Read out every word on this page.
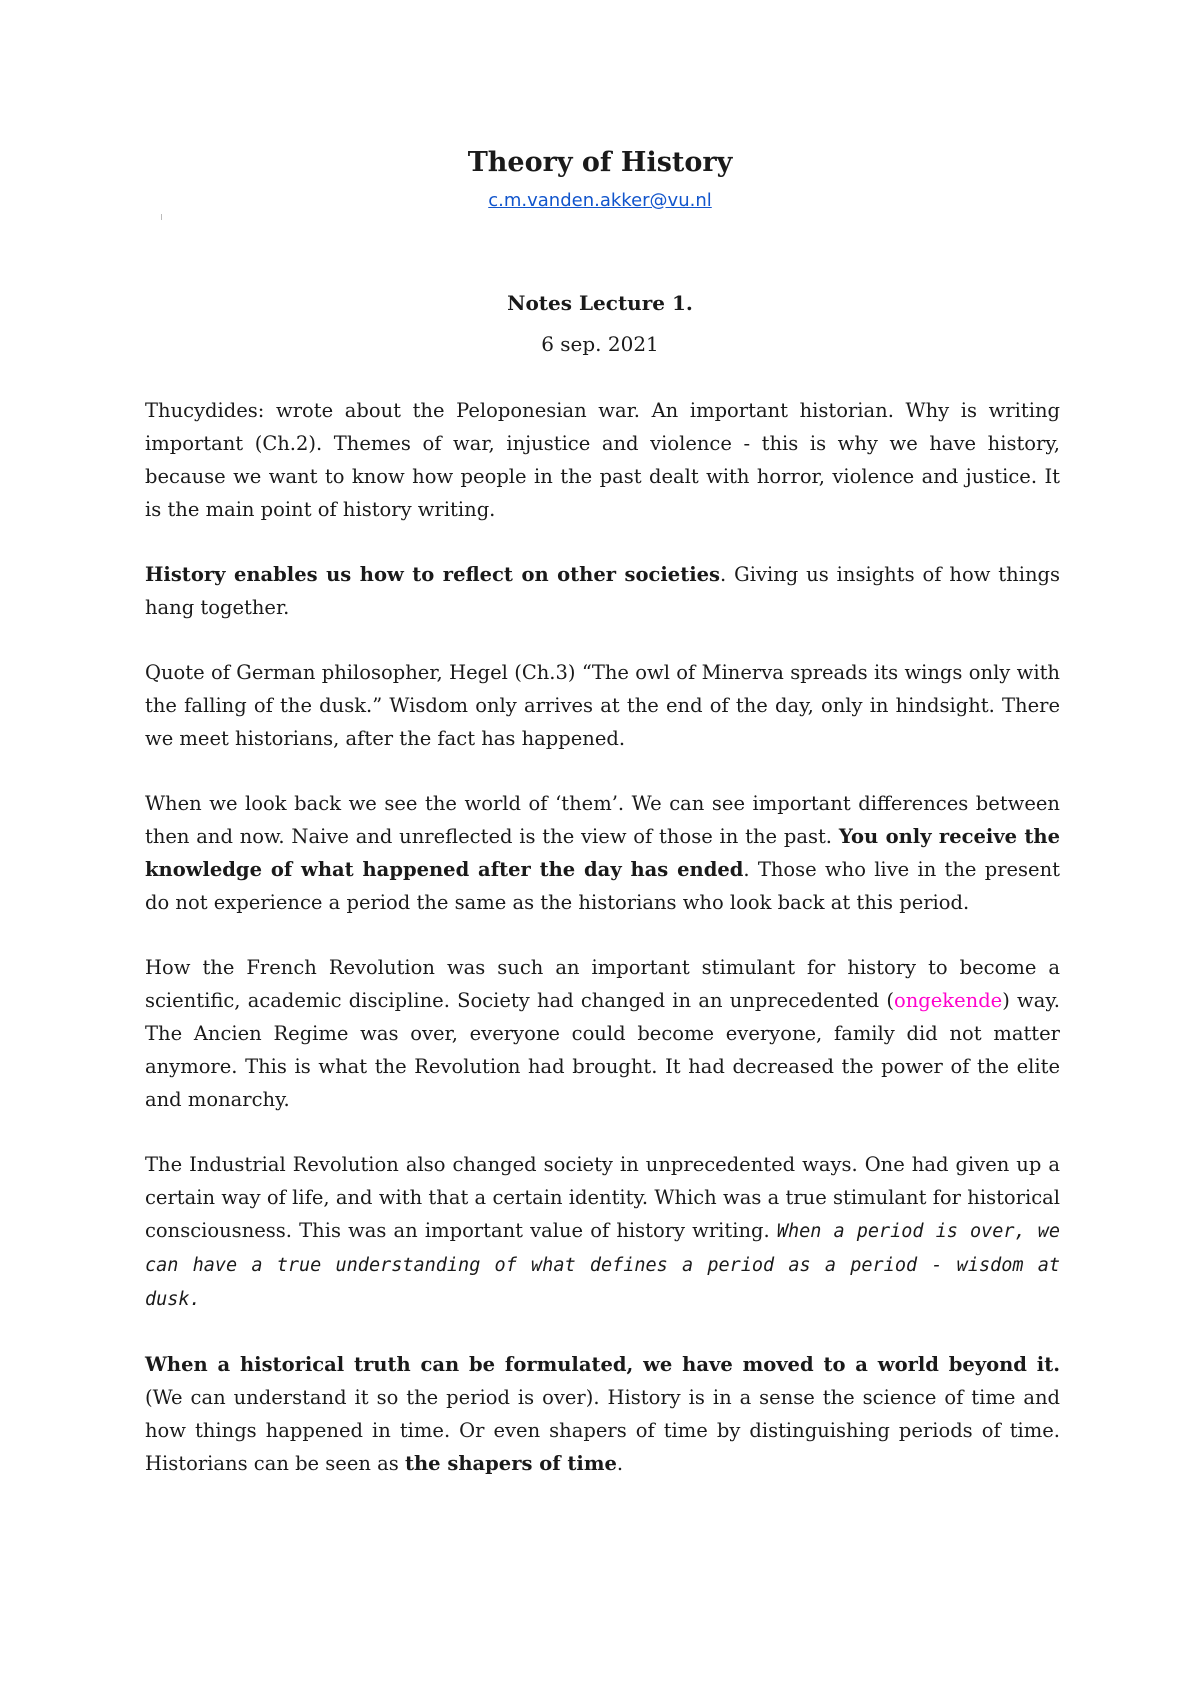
Theory of History
c.m.vanden.akker@vu.nl
Notes Lecture 1.
6 sep. 2021

Thucydides: wrote about the Peloponesian war. An important historian. Why is writing important (Ch.2). Themes of war, injustice and violence - this is why we have history, because we want to know how people in the past dealt with horror, violence and justice. It is the main point of history writing.

History enables us how to reflect on other societies. Giving us insights of how things hang together.

Quote of German philosopher, Hegel (Ch.3) “The owl of Minerva spreads its wings only with the falling of the dusk.” Wisdom only arrives at the end of the day, only in hindsight. There we meet historians, after the fact has happened.

When we look back we see the world of ‘them’. We can see important differences between then and now. Naive and unreflected is the view of those in the past. You only receive the knowledge of what happened after the day has ended. Those who live in the present do not experience a period the same as the historians who look back at this period.

How the French Revolution was such an important stimulant for history to become a scientific, academic discipline. Society had changed in an unprecedented (ongekende) way. The Ancien Regime was over, everyone could become everyone, family did not matter anymore. This is what the Revolution had brought. It had decreased the power of the elite and monarchy.

The Industrial Revolution also changed society in unprecedented ways. One had given up a certain way of life, and with that a certain identity. Which was a true stimulant for historical consciousness. This was an important value of history writing. When a period is over, we can have a true understanding of what defines a period as a period - wisdom at dusk.

When a historical truth can be formulated, we have moved to a world beyond it. (We can understand it so the period is over). History is in a sense the science of time and how things happened in time. Or even shapers of time by distinguishing periods of time. Historians can be seen as the shapers of time.
